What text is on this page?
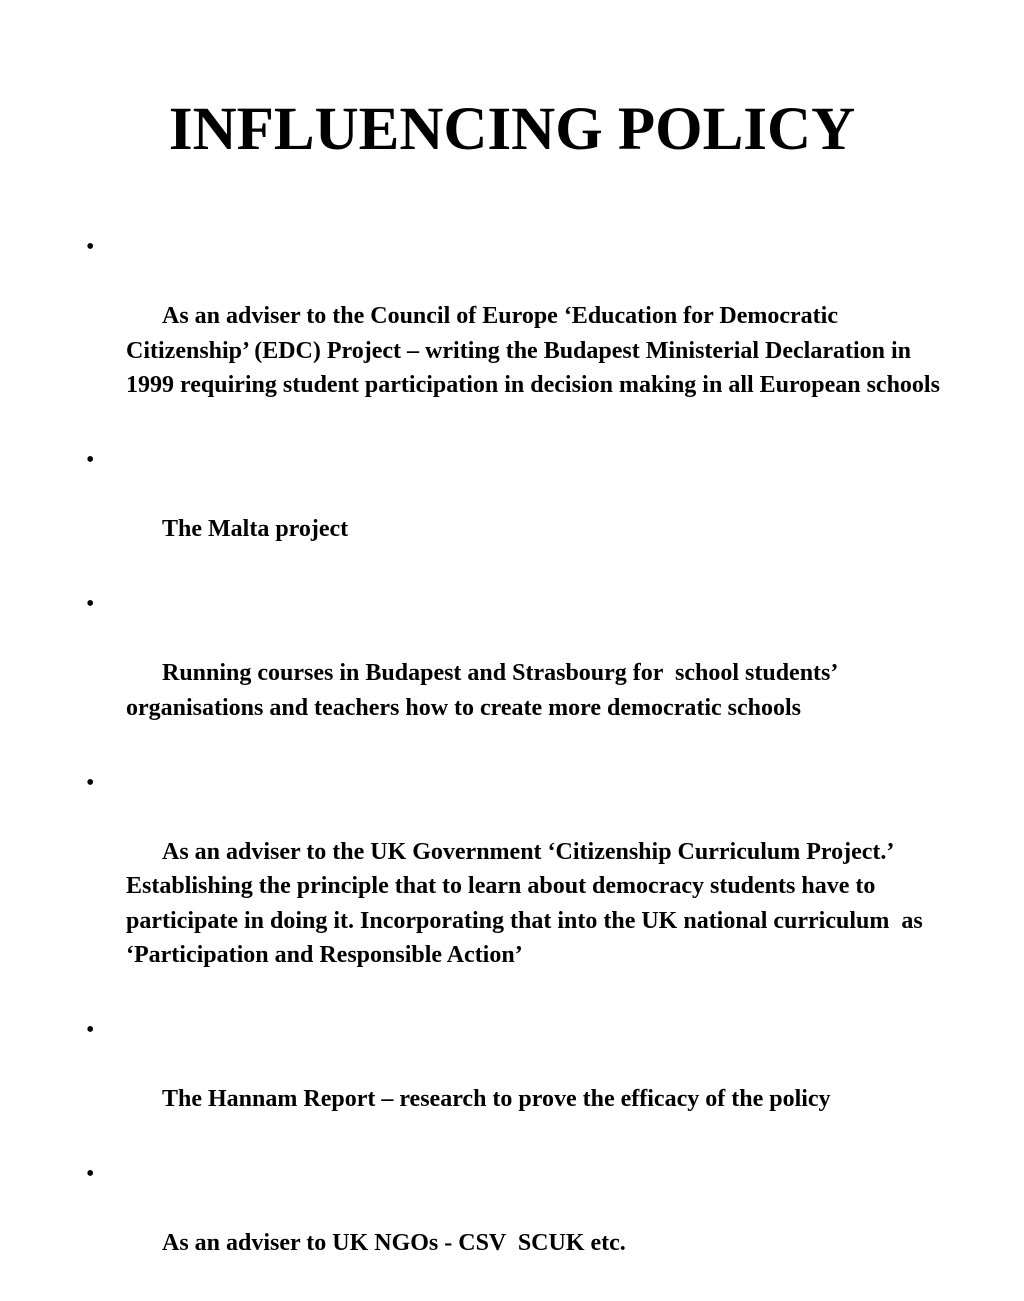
INFLUENCING POLICY

•

As an adviser to the Council of Europe ‘Education for Democratic Citizenship’ (EDC) Project – writing the Budapest Ministerial Declaration in 1999 requiring student participation in decision making in all European schools

•

The Malta project

•

Running courses in Budapest and Strasbourg for  school students’ organisations and teachers how to create more democratic schools

•

As an adviser to the UK Government ‘Citizenship Curriculum Project.’ Establishing the principle that to learn about democracy students have to participate in doing it. Incorporating that into the UK national curriculum  as ‘Participation and Responsible Action’

•

The Hannam Report – research to prove the efficacy of the policy

•

As an adviser to UK NGOs - CSV  SCUK etc.
